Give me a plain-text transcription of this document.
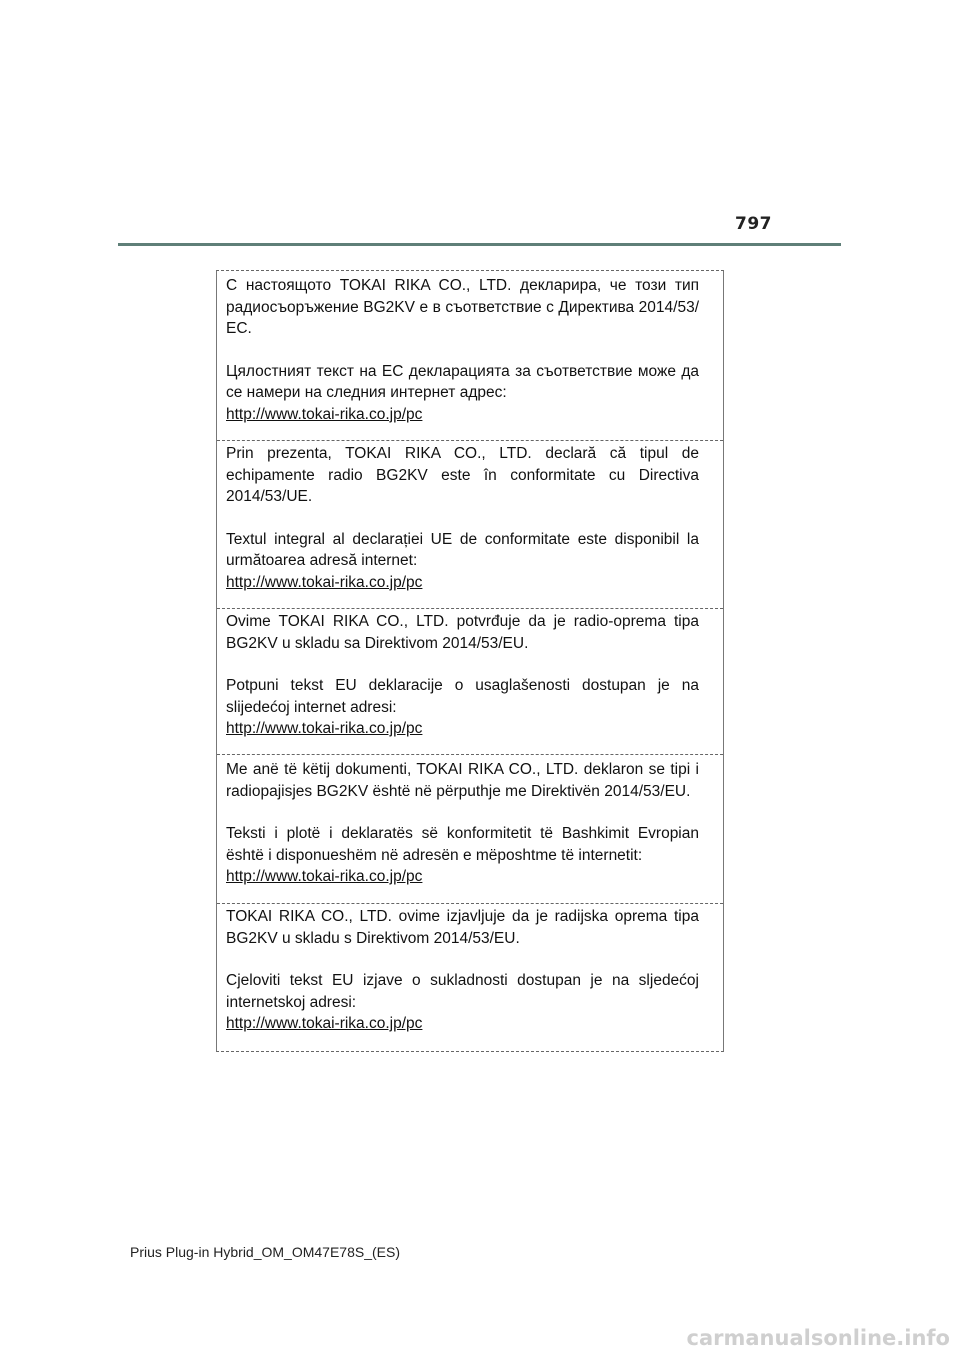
797

С настоящото TOKAI RIKA CO., LTD. декларира, че този тип радиосъоръжение BG2KV е в съответствие с Директива 2014/53/ЕС.

Цялостният текст на ЕС декларацията за съответствие може да се намери на следния интернет адрес:
http://www.tokai-rika.co.jp/pc

Prin prezenta, TOKAI RIKA CO., LTD. declară că tipul de echipamente radio BG2KV este în conformitate cu Directiva 2014/53/UE.

Textul integral al declarației UE de conformitate este disponibil la următoarea adresă internet:
http://www.tokai-rika.co.jp/pc

Ovime TOKAI RIKA CO., LTD. potvrđuje da je radio-oprema tipa BG2KV u skladu sa Direktivom 2014/53/EU.

Potpuni tekst EU deklaracije o usaglašenosti dostupan je na slijedećoj internet adresi:
http://www.tokai-rika.co.jp/pc

Me anë të këtij dokumenti, TOKAI RIKA CO., LTD. deklaron se tipi i radiopajisjes BG2KV është në përputhje me Direktivën 2014/53/EU.

Teksti i plotë i deklaratës së konformitetit të Bashkimit Evropian është i disponueshëm në adresën e mëposhtme të internetit:
http://www.tokai-rika.co.jp/pc

TOKAI RIKA CO., LTD. ovime izjavljuje da je radijska oprema tipa BG2KV u skladu s Direktivom 2014/53/EU.

Cjeloviti tekst EU izjave o sukladnosti dostupan je na sljedećoj internetskoj adresi:
http://www.tokai-rika.co.jp/pc

Prius Plug-in Hybrid_OM_OM47E78S_(ES)
carmanualsonline.info
